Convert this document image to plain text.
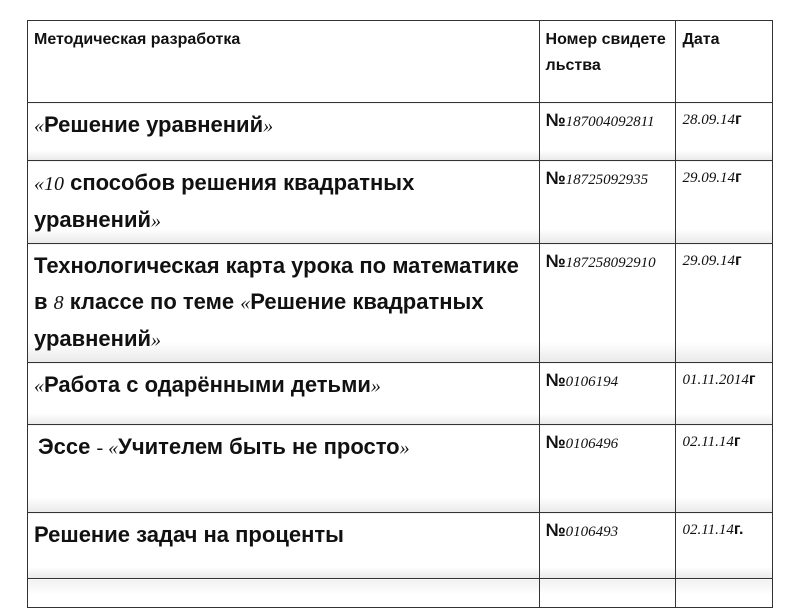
Методическая разработка	Номер свидетельства	Дата
«Решение уравнений»	№187004092811	28.09.14г
«10 способов решения квадратных уравнений»	№18725092935	29.09.14г
Технологическая карта урока по математике в 8 классе по теме «Решение квадратных уравнений»	№187258092910	29.09.14г
«Работа с одарёнными детьми»	№0106194	01.11.2014г
Эссе - «Учителем быть не просто»	№0106496	02.11.14г
Решение задач на проценты	№0106493	02.11.14г.
